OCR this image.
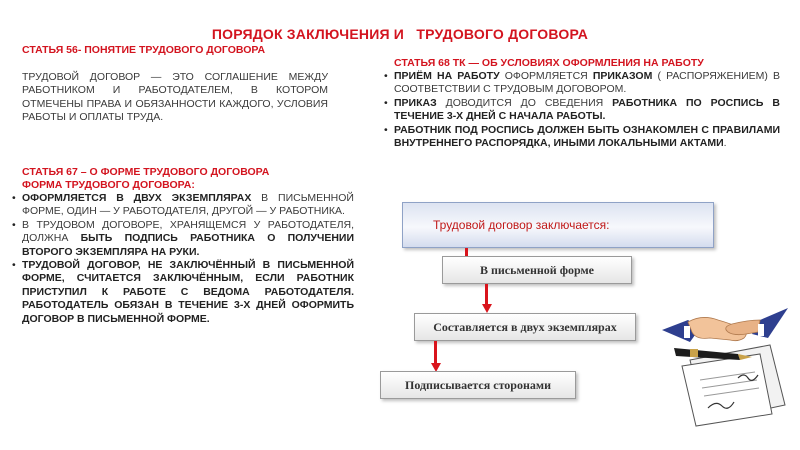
ПОРЯДОК ЗАКЛЮЧЕНИЯ И   ТРУДОВОГО ДОГОВОРА
СТАТЬЯ 56- ПОНЯТИЕ ТРУДОВОГО ДОГОВОРА
ТРУДОВОЙ ДОГОВОР — ЭТО СОГЛАШЕНИЕ МЕЖДУ РАБОТНИКОМ И РАБОТОДАТЕЛЕМ, В КОТОРОМ ОТМЕЧЕНЫ ПРАВА И ОБЯЗАННОСТИ КАЖДОГО, УСЛОВИЯ РАБОТЫ И ОПЛАТЫ ТРУДА.
СТАТЬЯ 68 ТК — ОБ УСЛОВИЯХ ОФОРМЛЕНИЯ НА РАБОТУ
• ПРИЁМ НА РАБОТУ ОФОРМЛЯЕТСЯ ПРИКАЗОМ ( РАСПОРЯЖЕНИЕМ) В СООТВЕТСТВИИ С ТРУДОВЫМ ДОГОВОРОМ.
• ПРИКАЗ ДОВОДИТСЯ ДО СВЕДЕНИЯ РАБОТНИКА ПО РОСПИСЬ В ТЕЧЕНИЕ 3-Х ДНЕЙ С НАЧАЛА РАБОТЫ.
• РАБОТНИК ПОД РОСПИСЬ ДОЛЖЕН БЫТЬ ОЗНАКОМЛЕН С ПРАВИЛАМИ ВНУТРЕННЕГО РАСПОРЯДКА, ИНЫМИ ЛОКАЛЬНЫМИ АКТАМИ.
СТАТЬЯ 67 – О ФОРМЕ ТРУДОВОГО ДОГОВОРА
ФОРМА ТРУДОВОГО ДОГОВОРА:
• ОФОРМЛЯЕТСЯ В ДВУХ ЭКЗЕМПЛЯРАХ В ПИСЬМЕННОЙ ФОРМЕ, ОДИН — У РАБОТОДАТЕЛЯ, ДРУГОЙ — У РАБОТНИКА.
• В ТРУДОВОМ ДОГОВОРЕ, ХРАНЯЩЕМСЯ У РАБОТОДАТЕЛЯ, ДОЛЖНА БЫТЬ ПОДПИСЬ РАБОТНИКА О ПОЛУЧЕНИИ ВТОРОГО ЭКЗЕМПЛЯРА НА РУКИ.
• ТРУДОВОЙ ДОГОВОР, НЕ ЗАКЛЮЧЁННЫЙ В ПИСЬМЕННОЙ ФОРМЕ, СЧИТАЕТСЯ ЗАКЛЮЧЁННЫМ, ЕСЛИ РАБОТНИК ПРИСТУПИЛ К РАБОТЕ С ВЕДОМА РАБОТОДАТЕЛЯ. РАБОТОДАТЕЛЬ ОБЯЗАН В ТЕЧЕНИЕ 3-Х ДНЕЙ ОФОРМИТЬ ДОГОВОР В ПИСЬМЕННОЙ ФОРМЕ.
Трудовой договор заключается:
В письменной форме
Составляется в двух экземплярах
Подписывается сторонами
